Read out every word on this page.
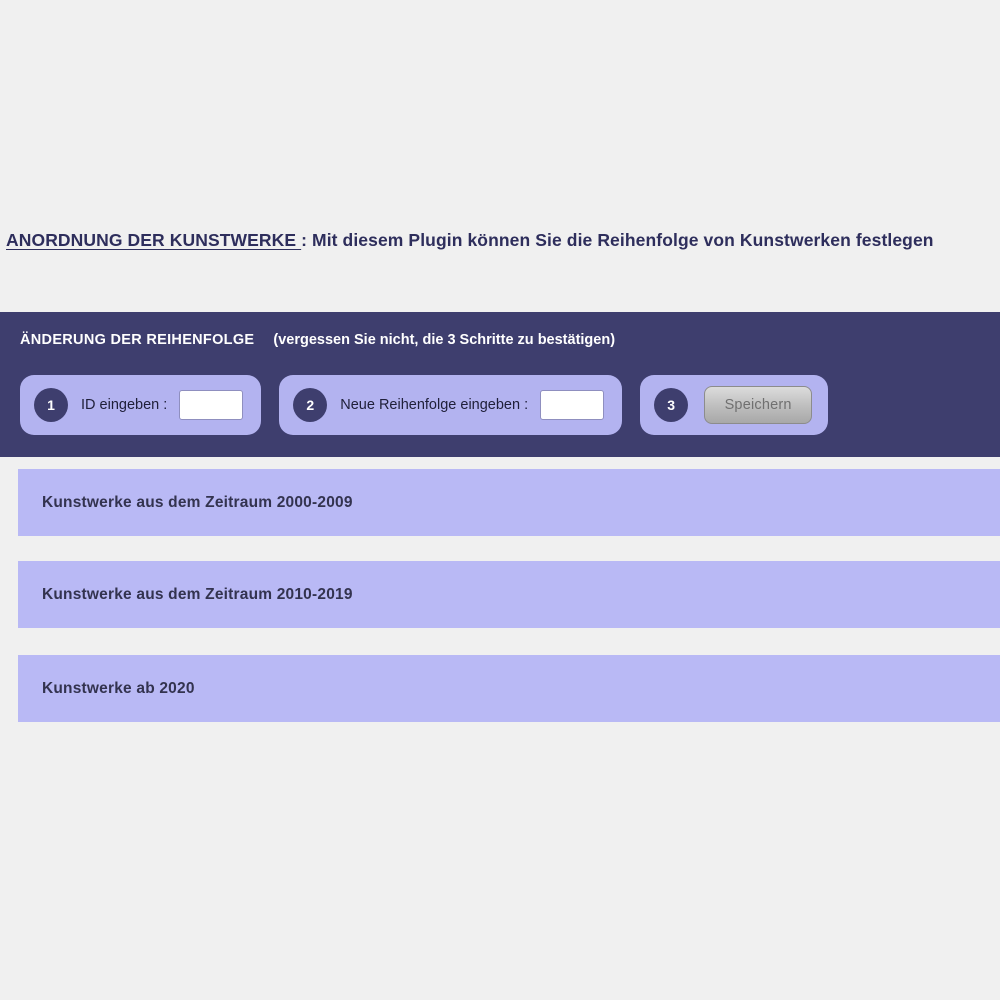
ANORDNUNG DER KUNSTWERKE : Mit diesem Plugin können Sie die Reihenfolge von Kunstwerken festlegen
ÄNDERUNG DER REIHENFOLGE (vergessen Sie nicht, die 3 Schritte zu bestätigen)
1	ID eingeben :	2	Neue Reihenfolge eingeben :	3	Speichern
Kunstwerke aus dem Zeitraum 2000-2009
Kunstwerke aus dem Zeitraum 2010-2019
Kunstwerke ab 2020
